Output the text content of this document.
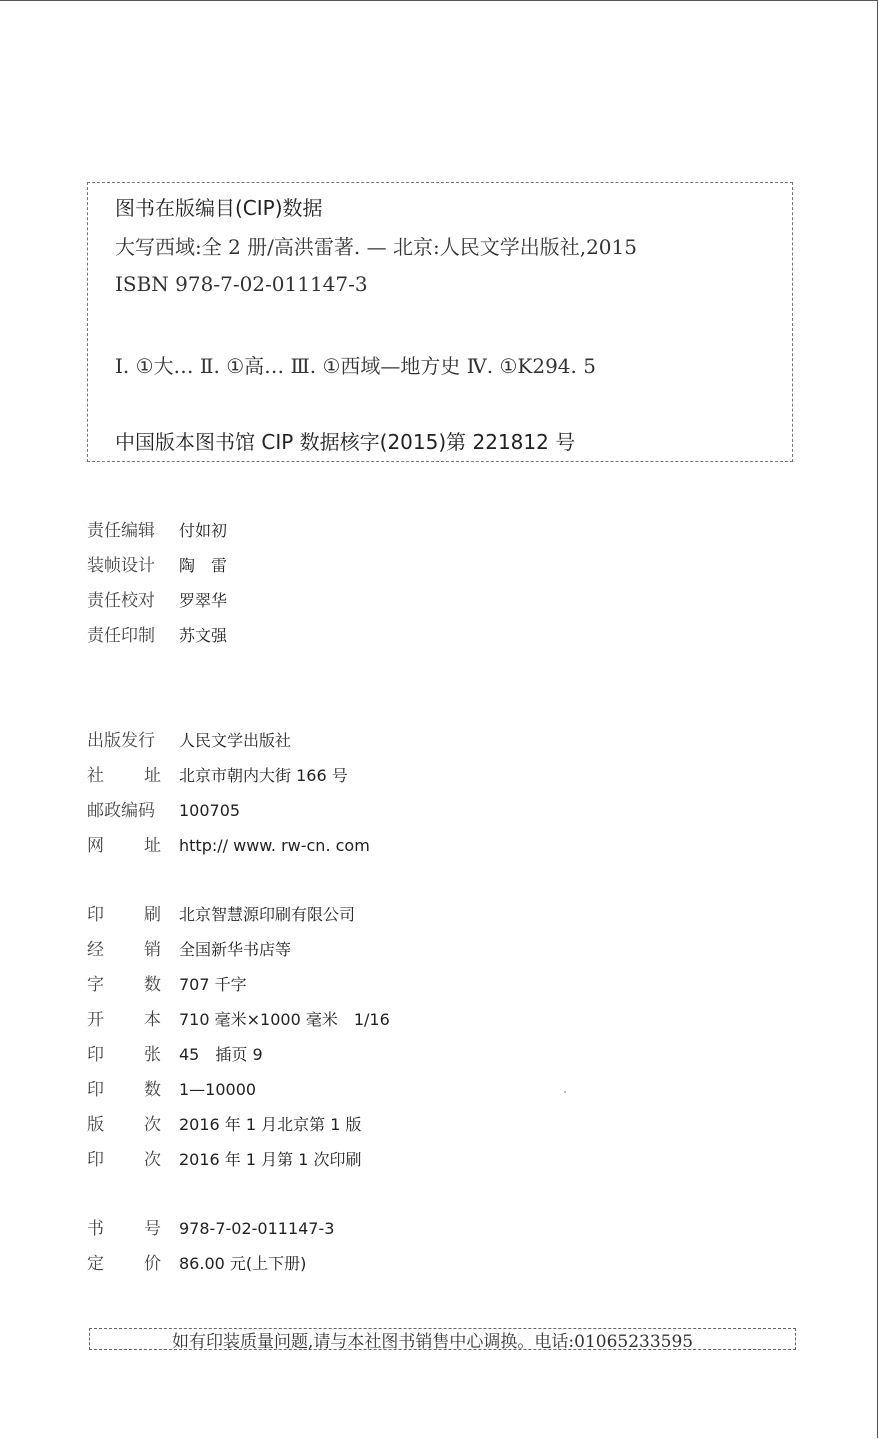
图书在版编目(CIP)数据
大写西域:全 2 册/高洪雷著. — 北京:人民文学出版社,2015
ISBN 978-7-02-011147-3
Ⅰ. ①大… Ⅱ. ①高… Ⅲ. ①西域—地方史 Ⅳ. ①K294. 5
中国版本图书馆 CIP 数据核字(2015)第 221812 号
责任编辑	付如初
装帧设计	陶　雷
责任校对	罗翠华
责任印制	苏文强
出版发行	人民文学出版社
社 址 北京市朝内大街 166 号
邮政编码	100705
网 址 http:// www. rw-cn. com
印 刷 北京智慧源印刷有限公司
经 销 全国新华书店等
字 数 707 千字
开 本 710 毫米×1000 毫米　1/16
印 张 45　插页 9
印 数 1—10000
版 次 2016 年 1 月北京第 1 版
印 次 2016 年 1 月第 1 次印刷
书 号 978-7-02-011147-3
定 价 86.00 元(上下册)
如有印装质量问题,请与本社图书销售中心调换。电话:01065233595
